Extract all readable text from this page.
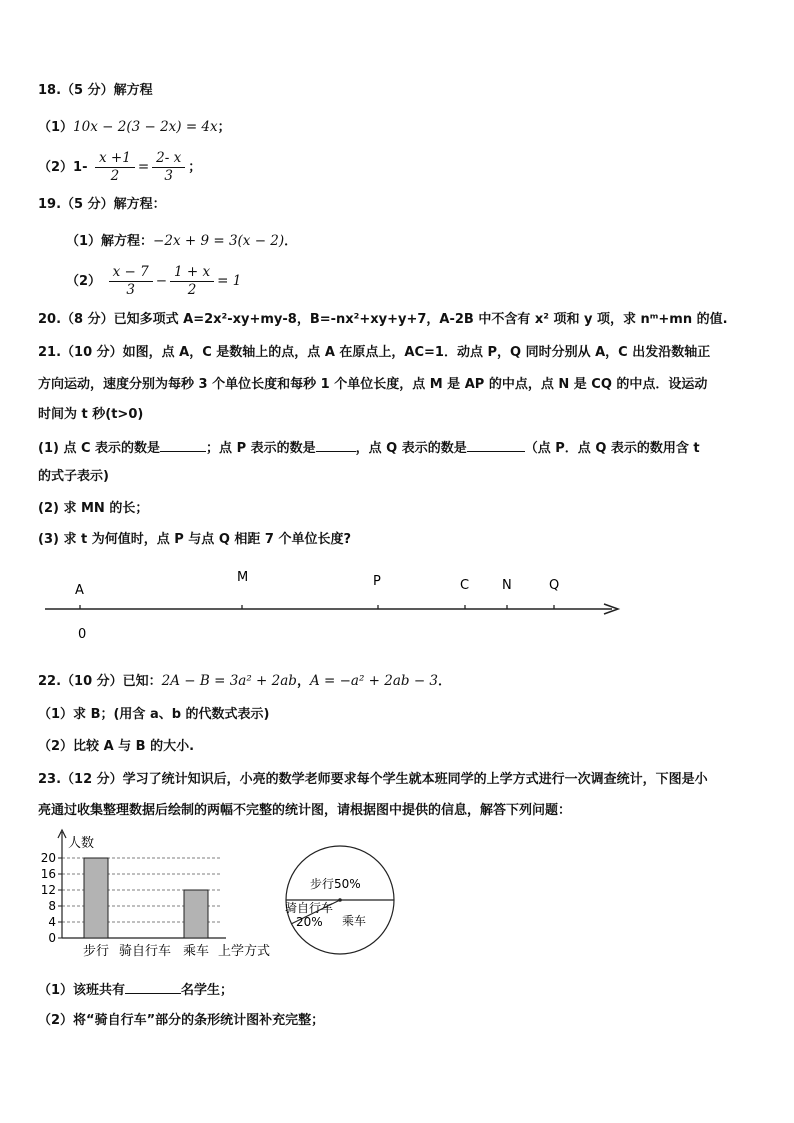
18.（5 分）解方程
（1）10x − 2(3 − 2x) = 4x；
$(2)1- \frac{x +1}{2} = \frac{2- x}{3}$ ；
19.（5 分）解方程：
（1）解方程：−2x + 9 = 3(x − 2)．
$(2) \frac{x - 7}{3} - \frac{1 + x}{2} = 1$
20.（8 分）已知多项式 A=2x²-xy+my-8，B=-nx²+xy+y+7，A-2B 中不含有 x² 项和 y 项，求 nᵐ+mn 的值.
21.（10 分）如图，点 A，C 是数轴上的点，点 A 在原点上，AC=1．动点 P，Q 同时分别从 A，C 出发沿数轴正
方向运动，速度分别为每秒 3 个单位长度和每秒 1 个单位长度，点 M 是 AP 的中点，点 N 是 CQ 的中点．设运动
时间为 t 秒(t>0)
(1) 点 C 表示的数是	；点 P 表示的数是	，点 Q 表示的数是	（点 P．点 Q 表示的数用含 t
的式子表示)
(2) 求 MN 的长；
(3) 求 t 为何值时，点 P 与点 Q 相距 7 个单位长度?
A
M	P	C	N	Q
0
22.（10 分）已知：2A − B = 3a² + 2ab，A = −a² + 2ab − 3．
（1）求 B；(用含 a、b 的代数式表示)
（2）比较 A 与 B 的大小.
23.（12 分）学习了统计知识后，小亮的数学老师要求每个学生就本班同学的上学方式进行一次调查统计，下图是小
亮通过收集整理数据后绘制的两幅不完整的统计图，请根据图中提供的信息，解答下列问题：
人数
0
4
8
12
16
20
步行 骑自行车 乘车 上学方式
步行50%
骑自行车
20% 乘车
（1）该班共有	名学生；
（2）将“骑自行车”部分的条形统计图补充完整；
